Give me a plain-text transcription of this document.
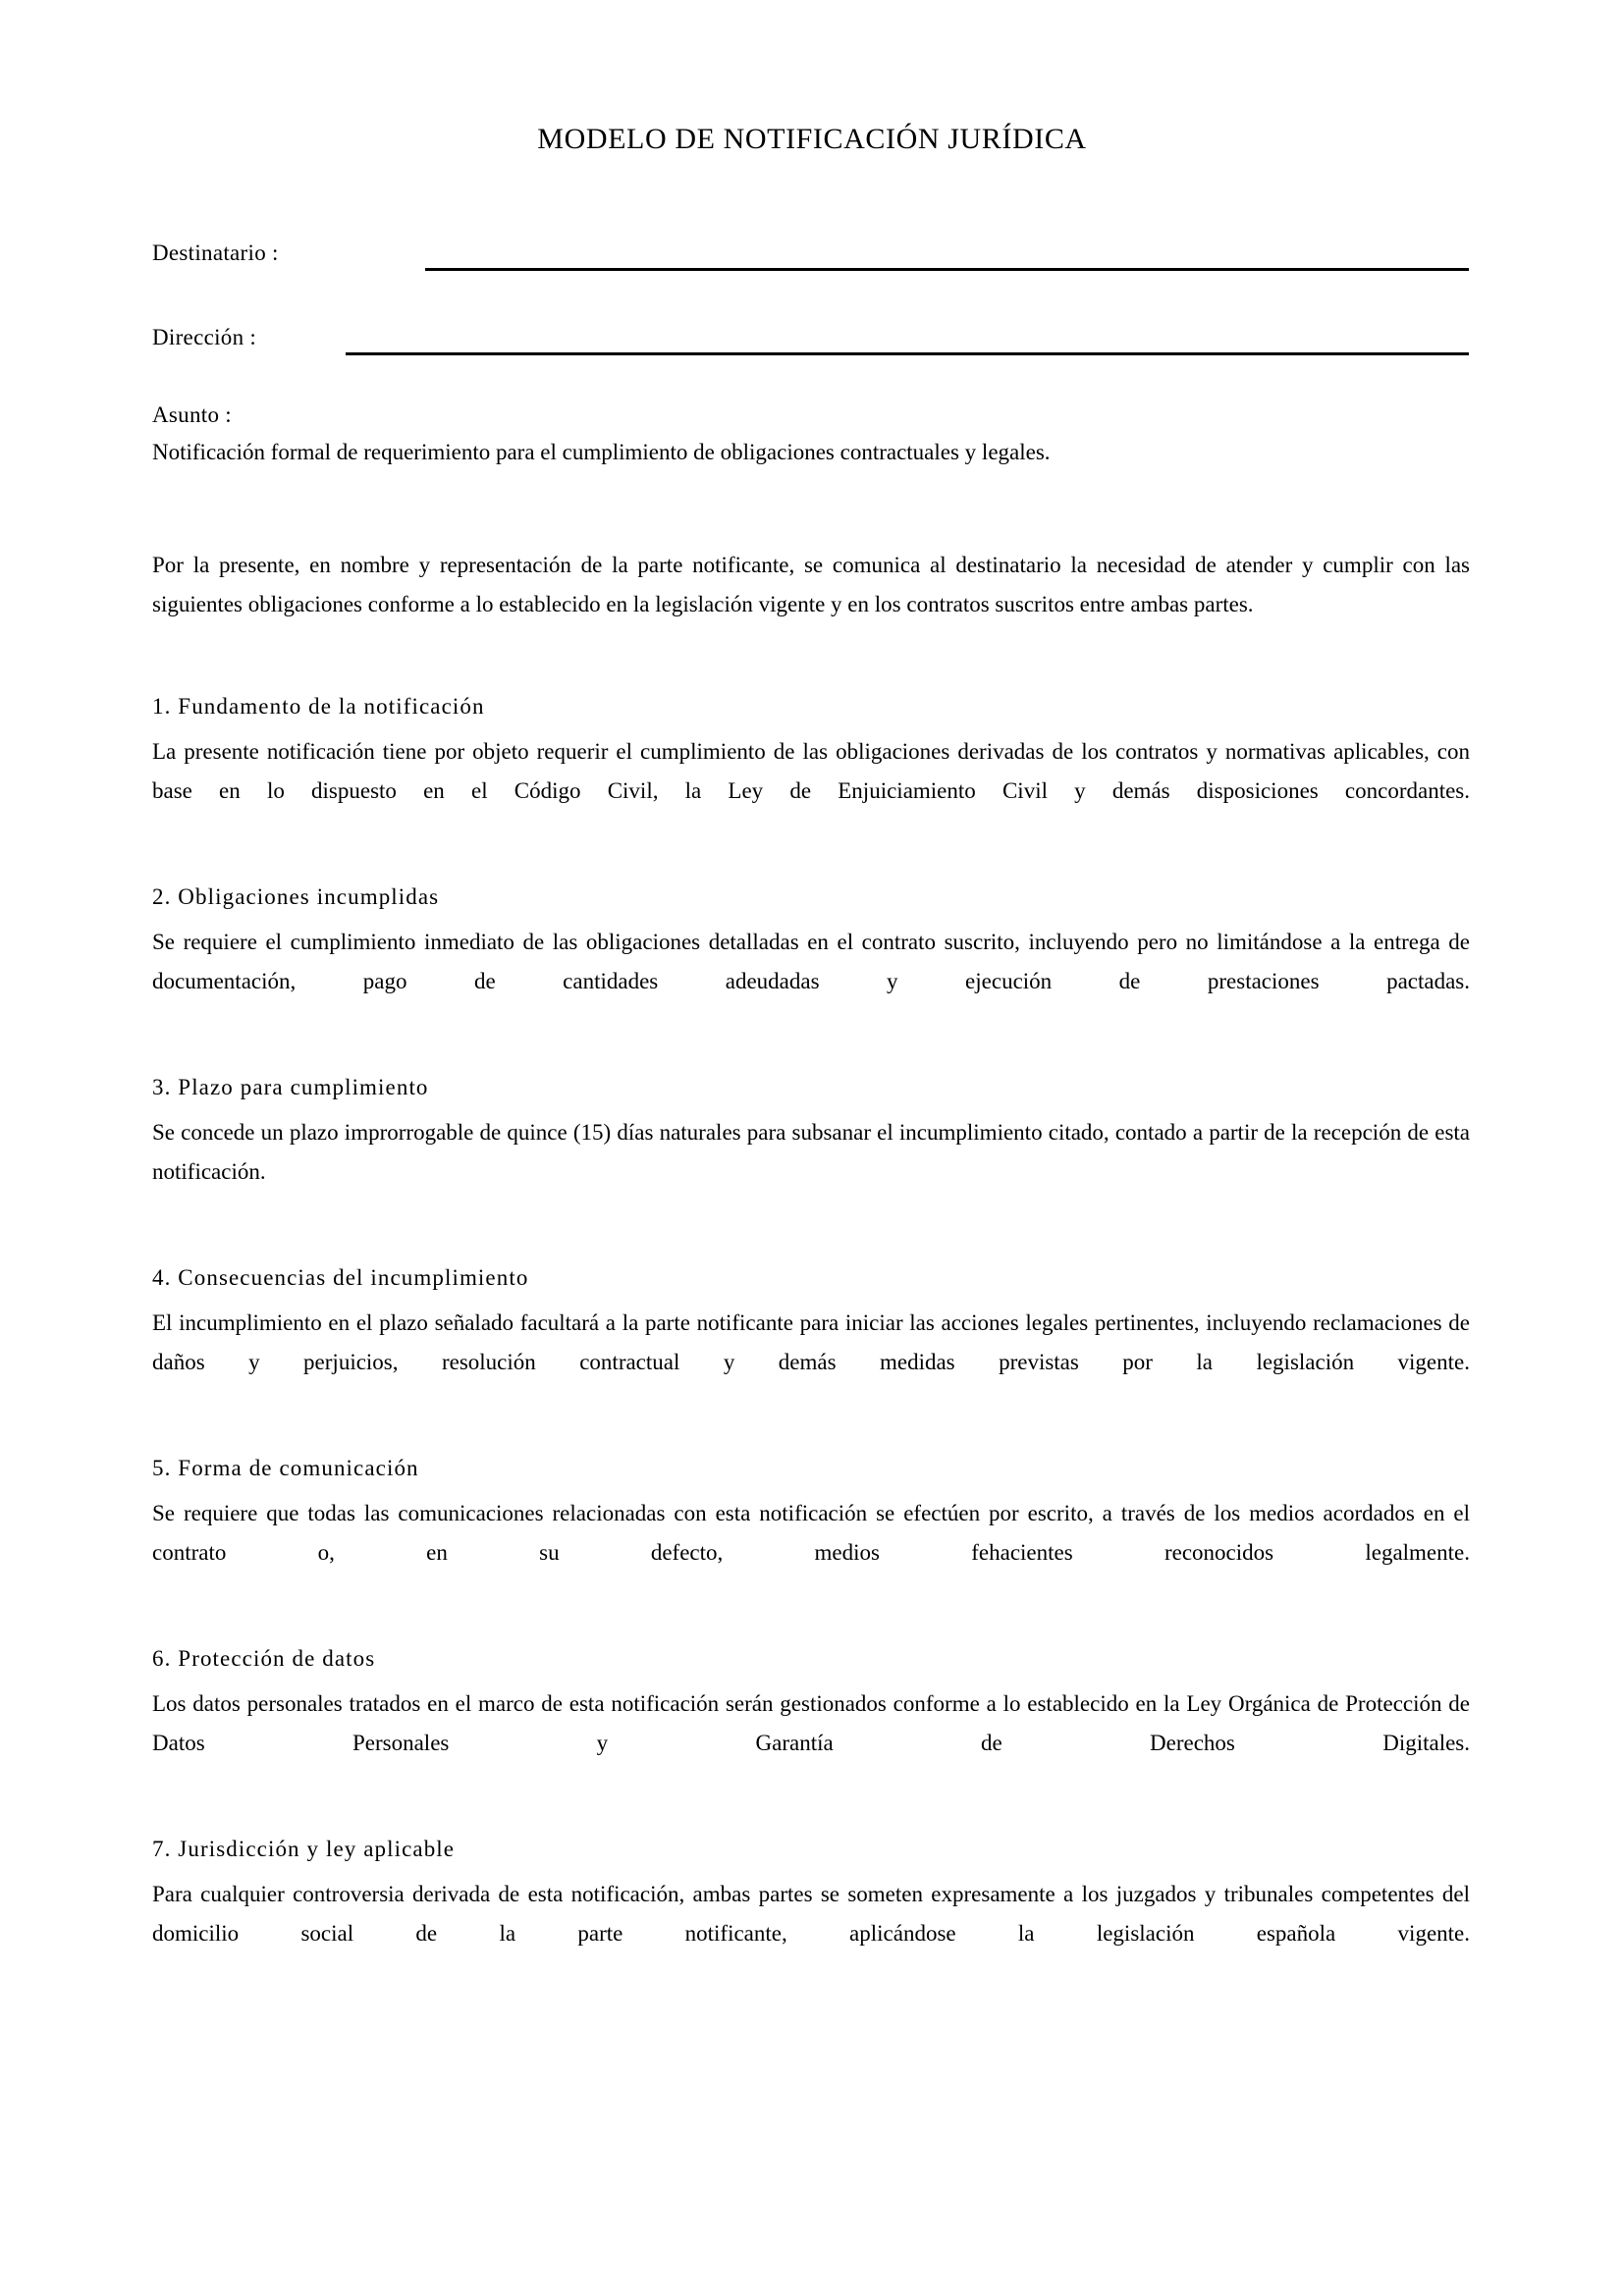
MODELO DE NOTIFICACIÓN JURÍDICA
Destinatario :
Dirección :

Asunto :

Notificación formal de requerimiento para el cumplimiento de obligaciones contractuales y legales.

Por la presente, en nombre y representación de la parte notificante, se comunica al destinatario la necesidad de atender y cumplir con las siguientes obligaciones conforme a lo establecido en la legislación vigente y en los contratos suscritos entre ambas partes.

1. Fundamento de la notificación

La presente notificación tiene por objeto requerir el cumplimiento de las obligaciones derivadas de los contratos y normativas aplicables, con base en lo dispuesto en el Código Civil, la Ley de Enjuiciamiento Civil y demás disposiciones concordantes.

2. Obligaciones incumplidas

Se requiere el cumplimiento inmediato de las obligaciones detalladas en el contrato suscrito, incluyendo pero no limitándose a la entrega de documentación, pago de cantidades adeudadas y ejecución de prestaciones pactadas.

3. Plazo para cumplimiento

Se concede un plazo improrrogable de quince (15) días naturales para subsanar el incumplimiento citado, contado a partir de la recepción de esta notificación.

4. Consecuencias del incumplimiento

El incumplimiento en el plazo señalado facultará a la parte notificante para iniciar las acciones legales pertinentes, incluyendo reclamaciones de daños y perjuicios, resolución contractual y demás medidas previstas por la legislación vigente.

5. Forma de comunicación

Se requiere que todas las comunicaciones relacionadas con esta notificación se efectúen por escrito, a través de los medios acordados en el contrato o, en su defecto, medios fehacientes reconocidos legalmente.

6. Protección de datos

Los datos personales tratados en el marco de esta notificación serán gestionados conforme a lo establecido en la Ley Orgánica de Protección de Datos Personales y Garantía de Derechos Digitales.

7. Jurisdicción y ley aplicable

Para cualquier controversia derivada de esta notificación, ambas partes se someten expresamente a los juzgados y tribunales competentes del domicilio social de la parte notificante, aplicándose la legislación española vigente.
